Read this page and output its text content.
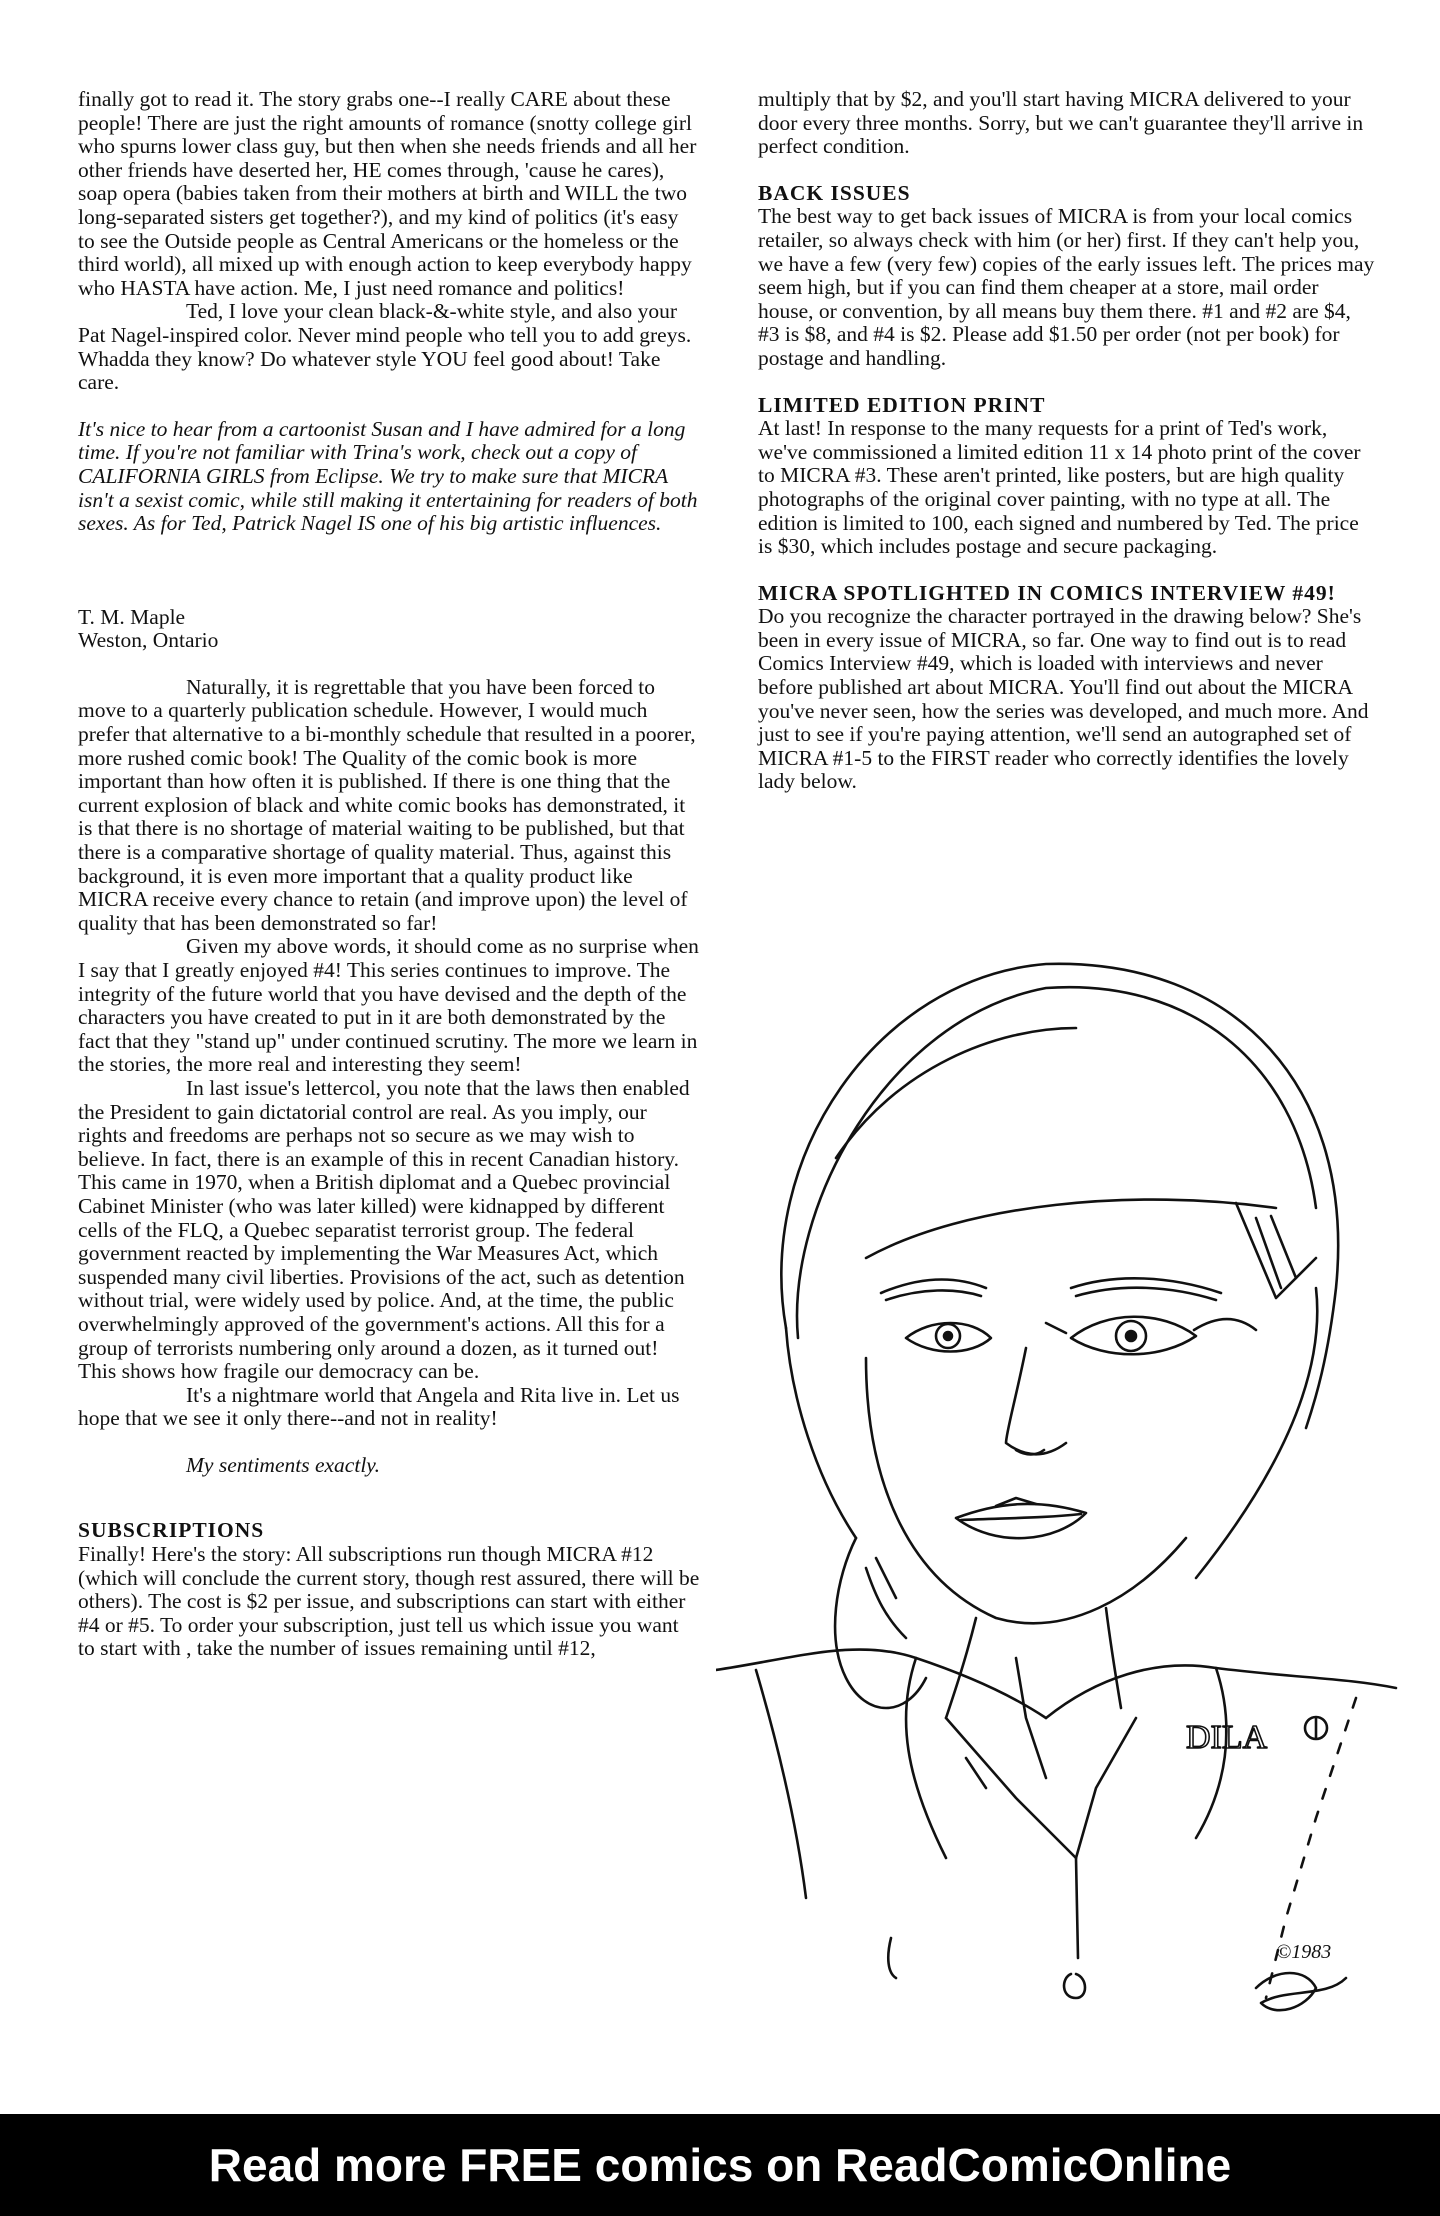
finally got to read it. The story grabs one--I really CARE about these people! There are just the right amounts of romance (snotty college girl who spurns lower class guy, but then when she needs friends and all her other friends have deserted her, HE comes through, 'cause he cares), soap opera (babies taken from their mothers at birth and WILL the two long-separated sisters get together?), and my kind of politics (it's easy to see the Outside people as Central Americans or the homeless or the third world), all mixed up with enough action to keep everybody happy who HASTA have action. Me, I just need romance and politics!

Ted, I love your clean black-&-white style, and also your Pat Nagel-inspired color. Never mind people who tell you to add greys. Whadda they know? Do whatever style YOU feel good about! Take care.

It's nice to hear from a cartoonist Susan and I have admired for a long time. If you're not familiar with Trina's work, check out a copy of CALIFORNIA GIRLS from Eclipse. We try to make sure that MICRA isn't a sexist comic, while still making it entertaining for readers of both sexes. As for Ted, Patrick Nagel IS one of his big artistic influences.

T. M. Maple

Weston, Ontario

Naturally, it is regrettable that you have been forced to move to a quarterly publication schedule. However, I would much prefer that alternative to a bi-monthly schedule that resulted in a poorer, more rushed comic book! The Quality of the comic book is more important than how often it is published. If there is one thing that the current explosion of black and white comic books has demonstrated, it is that there is no shortage of material waiting to be published, but that there is a comparative shortage of quality material. Thus, against this background, it is even more important that a quality product like MICRA receive every chance to retain (and improve upon) the level of quality that has been demonstrated so far!

Given my above words, it should come as no surprise when I say that I greatly enjoyed #4! This series continues to improve. The integrity of the future world that you have devised and the depth of the characters you have created to put in it are both demonstrated by the fact that they "stand up" under continued scrutiny. The more we learn in the stories, the more real and interesting they seem!

In last issue's lettercol, you note that the laws then enabled the President to gain dictatorial control are real. As you imply, our rights and freedoms are perhaps not so secure as we may wish to believe. In fact, there is an example of this in recent Canadian history. This came in 1970, when a British diplomat and a Quebec provincial Cabinet Minister (who was later killed) were kidnapped by different cells of the FLQ, a Quebec separatist terrorist group. The federal government reacted by implementing the War Measures Act, which suspended many civil liberties. Provisions of the act, such as detention without trial, were widely used by police. And, at the time, the public overwhelmingly approved of the government's actions. All this for a group of terrorists numbering only around a dozen, as it turned out! This shows how fragile our democracy can be.

It's a nightmare world that Angela and Rita live in. Let us hope that we see it only there--and not in reality!

My sentiments exactly.

SUBSCRIPTIONS

Finally! Here's the story: All subscriptions run though MICRA #12 (which will conclude the current story, though rest assured, there will be others). The cost is $2 per issue, and subscriptions can start with either #4 or #5. To order your subscription, just tell us which issue you want to start with , take the number of issues remaining until #12,

multiply that by $2, and you'll start having MICRA delivered to your door every three months. Sorry, but we can't guarantee they'll arrive in perfect condition.

BACK ISSUES

The best way to get back issues of MICRA is from your local comics retailer, so always check with him (or her) first. If they can't help you, we have a few (very few) copies of the early issues left. The prices may seem high, but if you can find them cheaper at a store, mail order house, or convention, by all means buy them there. #1 and #2 are $4, #3 is $8, and #4 is $2. Please add $1.50 per order (not per book) for postage and handling.

LIMITED EDITION PRINT

At last! In response to the many requests for a print of Ted's work, we've commissioned a limited edition 11 x 14 photo print of the cover to MICRA #3. These aren't printed, like posters, but are high quality photographs of the original cover painting, with no type at all. The edition is limited to 100, each signed and numbered by Ted. The price is $30, which includes postage and secure packaging.

MICRA SPOTLIGHTED IN COMICS INTERVIEW #49!

Do you recognize the character portrayed in the drawing below? She's been in every issue of MICRA, so far. One way to find out is to read Comics Interview #49, which is loaded with interviews and never before published art about MICRA. You'll find out about the MICRA you've never seen, how the series was developed, and much more. And just to see if you're paying attention, we'll send an autographed set of MICRA #1-5 to the FIRST reader who correctly identifies the lovely lady below.

DILA
©1983
Read more FREE comics on ReadComicOnline
